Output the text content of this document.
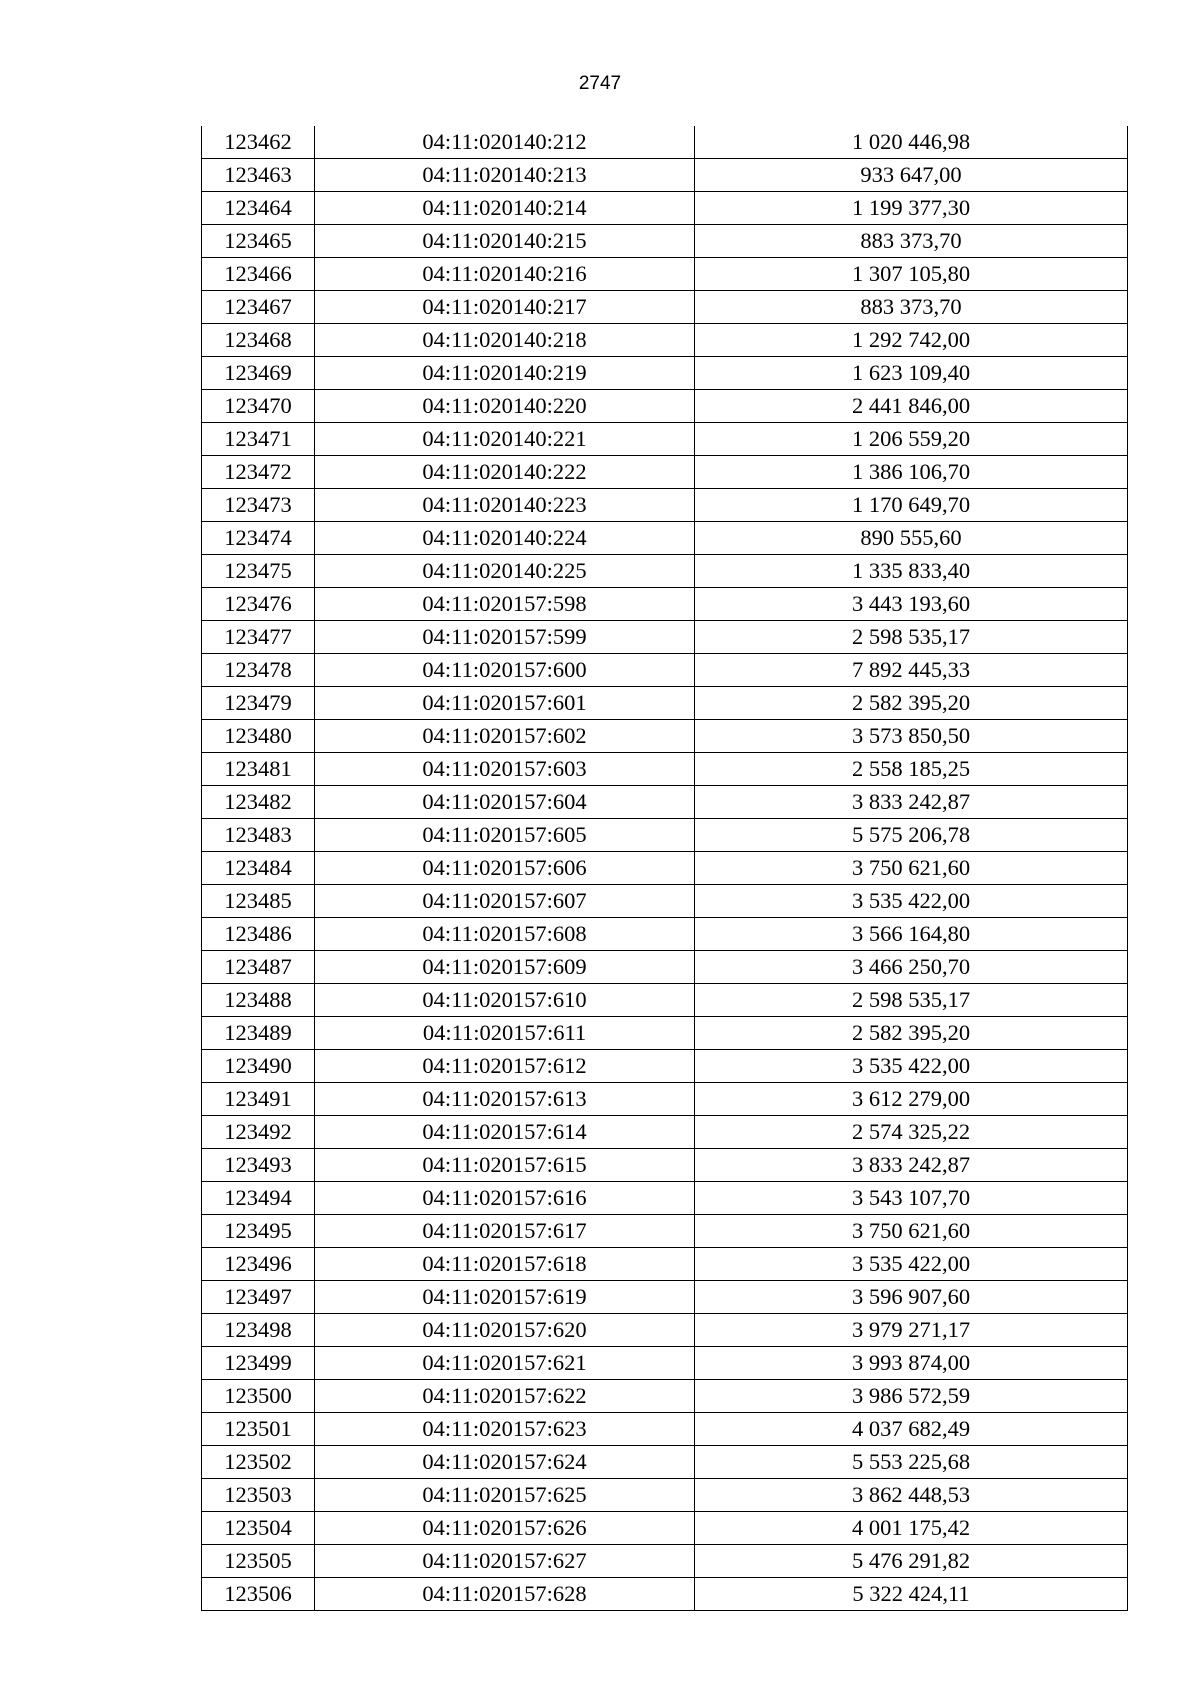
2747
123462	04:11:020140:212	1 020 446,98
123463	04:11:020140:213	933 647,00
123464	04:11:020140:214	1 199 377,30
123465	04:11:020140:215	883 373,70
123466	04:11:020140:216	1 307 105,80
123467	04:11:020140:217	883 373,70
123468	04:11:020140:218	1 292 742,00
123469	04:11:020140:219	1 623 109,40
123470	04:11:020140:220	2 441 846,00
123471	04:11:020140:221	1 206 559,20
123472	04:11:020140:222	1 386 106,70
123473	04:11:020140:223	1 170 649,70
123474	04:11:020140:224	890 555,60
123475	04:11:020140:225	1 335 833,40
123476	04:11:020157:598	3 443 193,60
123477	04:11:020157:599	2 598 535,17
123478	04:11:020157:600	7 892 445,33
123479	04:11:020157:601	2 582 395,20
123480	04:11:020157:602	3 573 850,50
123481	04:11:020157:603	2 558 185,25
123482	04:11:020157:604	3 833 242,87
123483	04:11:020157:605	5 575 206,78
123484	04:11:020157:606	3 750 621,60
123485	04:11:020157:607	3 535 422,00
123486	04:11:020157:608	3 566 164,80
123487	04:11:020157:609	3 466 250,70
123488	04:11:020157:610	2 598 535,17
123489	04:11:020157:611	2 582 395,20
123490	04:11:020157:612	3 535 422,00
123491	04:11:020157:613	3 612 279,00
123492	04:11:020157:614	2 574 325,22
123493	04:11:020157:615	3 833 242,87
123494	04:11:020157:616	3 543 107,70
123495	04:11:020157:617	3 750 621,60
123496	04:11:020157:618	3 535 422,00
123497	04:11:020157:619	3 596 907,60
123498	04:11:020157:620	3 979 271,17
123499	04:11:020157:621	3 993 874,00
123500	04:11:020157:622	3 986 572,59
123501	04:11:020157:623	4 037 682,49
123502	04:11:020157:624	5 553 225,68
123503	04:11:020157:625	3 862 448,53
123504	04:11:020157:626	4 001 175,42
123505	04:11:020157:627	5 476 291,82
123506	04:11:020157:628	5 322 424,11
